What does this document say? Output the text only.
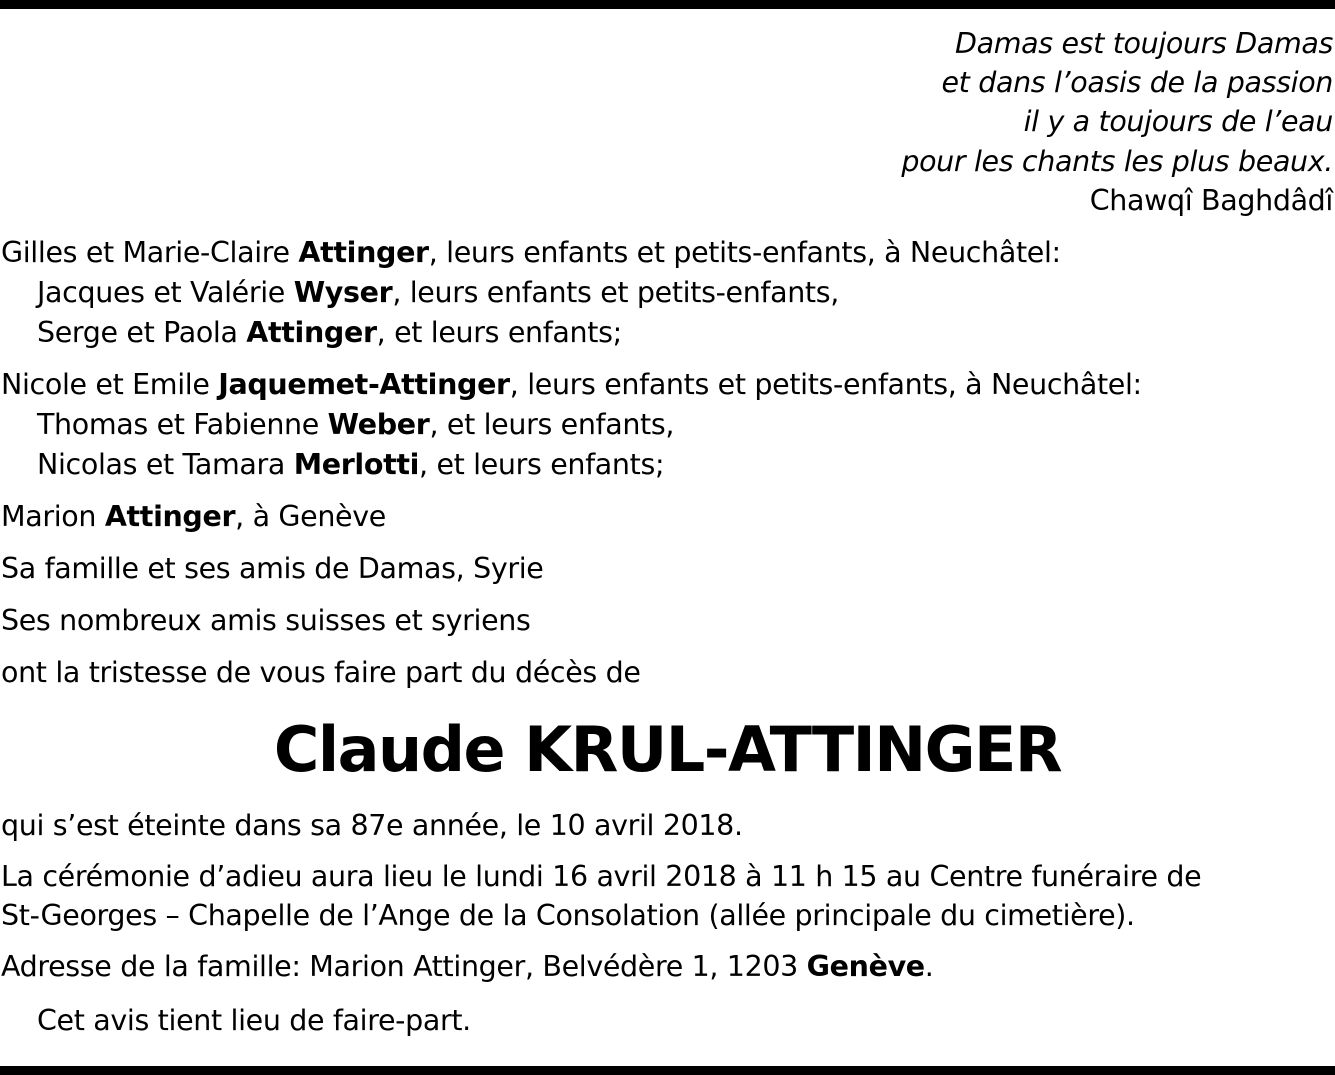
Damas est toujours Damas
et dans l’oasis de la passion
il y a toujours de l’eau
pour les chants les plus beaux.
Chawqî Baghdâdî
Gilles et Marie-Claire Attinger, leurs enfants et petits-enfants, à Neuchâtel:
Jacques et Valérie Wyser, leurs enfants et petits-enfants,
Serge et Paola Attinger, et leurs enfants;
Nicole et Emile Jaquemet-Attinger, leurs enfants et petits-enfants, à Neuchâtel:
Thomas et Fabienne Weber, et leurs enfants,
Nicolas et Tamara Merlotti, et leurs enfants;
Marion Attinger, à Genève
Sa famille et ses amis de Damas, Syrie
Ses nombreux amis suisses et syriens
ont la tristesse de vous faire part du décès de
Claude KRUL-ATTINGER
qui s’est éteinte dans sa 87e année, le 10 avril 2018.
La cérémonie d’adieu aura lieu le lundi 16 avril 2018 à 11 h 15 au Centre funéraire de
St-Georges – Chapelle de l’Ange de la Consolation (allée principale du cimetière).
Adresse de la famille: Marion Attinger, Belvédère 1, 1203 Genève.
Cet avis tient lieu de faire-part.
